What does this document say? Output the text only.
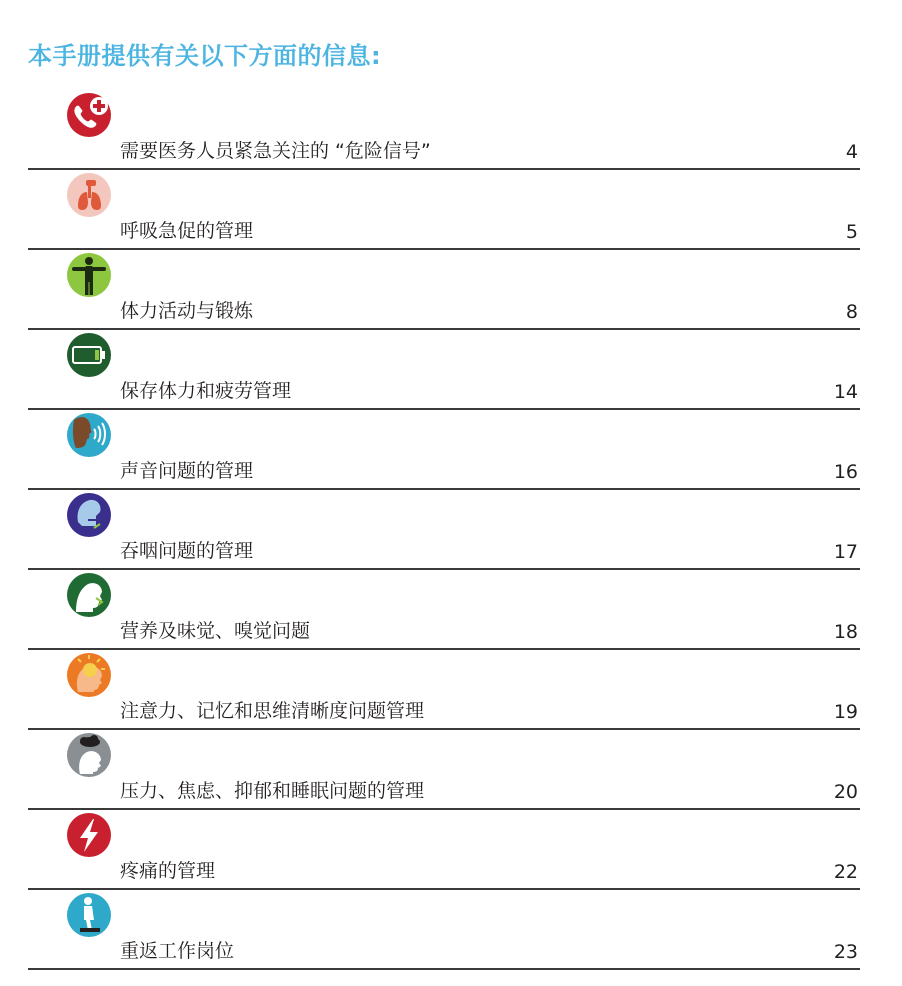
本手册提供有关以下方面的信息:
需要医务人员紧急关注的 “危险信号”	4
呼吸急促的管理	5
体力活动与锻炼	8
保存体力和疲劳管理	14
声音问题的管理	16
吞咽问题的管理	17
营养及味觉、嗅觉问题	18
注意力、记忆和思维清晰度问题管理	19
压力、焦虑、抑郁和睡眠问题的管理	20
疼痛的管理	22
重返工作岗位	23
